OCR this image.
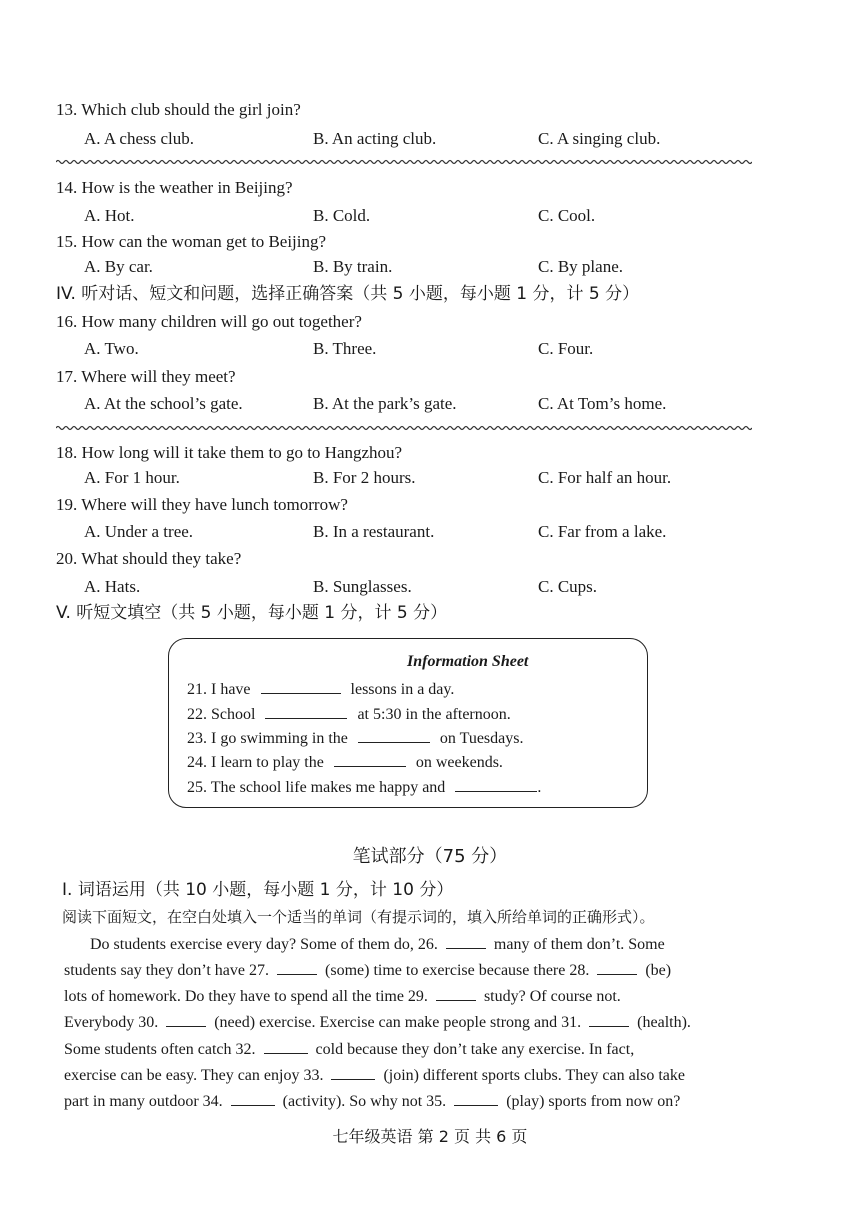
13. Which club should the girl join?
A. A chess club.	B. An acting club.	C. A singing club.
14. How is the weather in Beijing?
A. Hot.	B. Cold.	C. Cool.
15. How can the woman get to Beijing?
A. By car.	B. By train.	C. By plane.
IV. 听对话、短文和问题，选择正确答案（共 5 小题，每小题 1 分，计 5 分）
16. How many children will go out together?
A. Two.	B. Three.	C. Four.
17. Where will they meet?
A. At the school’s gate.	B. At the park’s gate.	C. At Tom’s home.
18. How long will it take them to go to Hangzhou?
A. For 1 hour.	B. For 2 hours.	C. For half an hour.
19. Where will they have lunch tomorrow?
A. Under a tree.	B. In a restaurant.	C. Far from a lake.
20. What should they take?
A. Hats.	B. Sunglasses.	C. Cups.
V. 听短文填空（共 5 小题，每小题 1 分，计 5 分）
Information Sheet
21. I have	lessons in a day.
22. School	at 5:30 in the afternoon.
23. I go swimming in the	on Tuesdays.
24. I learn to play the	on weekends.
25. The school life makes me happy and	.
笔试部分（75 分）
I. 词语运用（共 10 小题，每小题 1 分，计 10 分）
阅读下面短文，在空白处填入一个适当的单词（有提示词的，填入所给单词的正确形式）。
Do students exercise every day? Some of them do, 26.	many of them don’t. Some
students say they don’t have 27.	(some) time to exercise because there 28.	(be)
lots of homework. Do they have to spend all the time 29.	study? Of course not.
Everybody 30.	(need) exercise. Exercise can make people strong and 31.	(health).
Some students often catch 32.	cold because they don’t take any exercise. In fact,
exercise can be easy. They can enjoy 33.	(join) different sports clubs. They can also take
part in many outdoor 34.	(activity). So why not 35.	(play) sports from now on?
七年级英语 第 2 页 共 6 页
